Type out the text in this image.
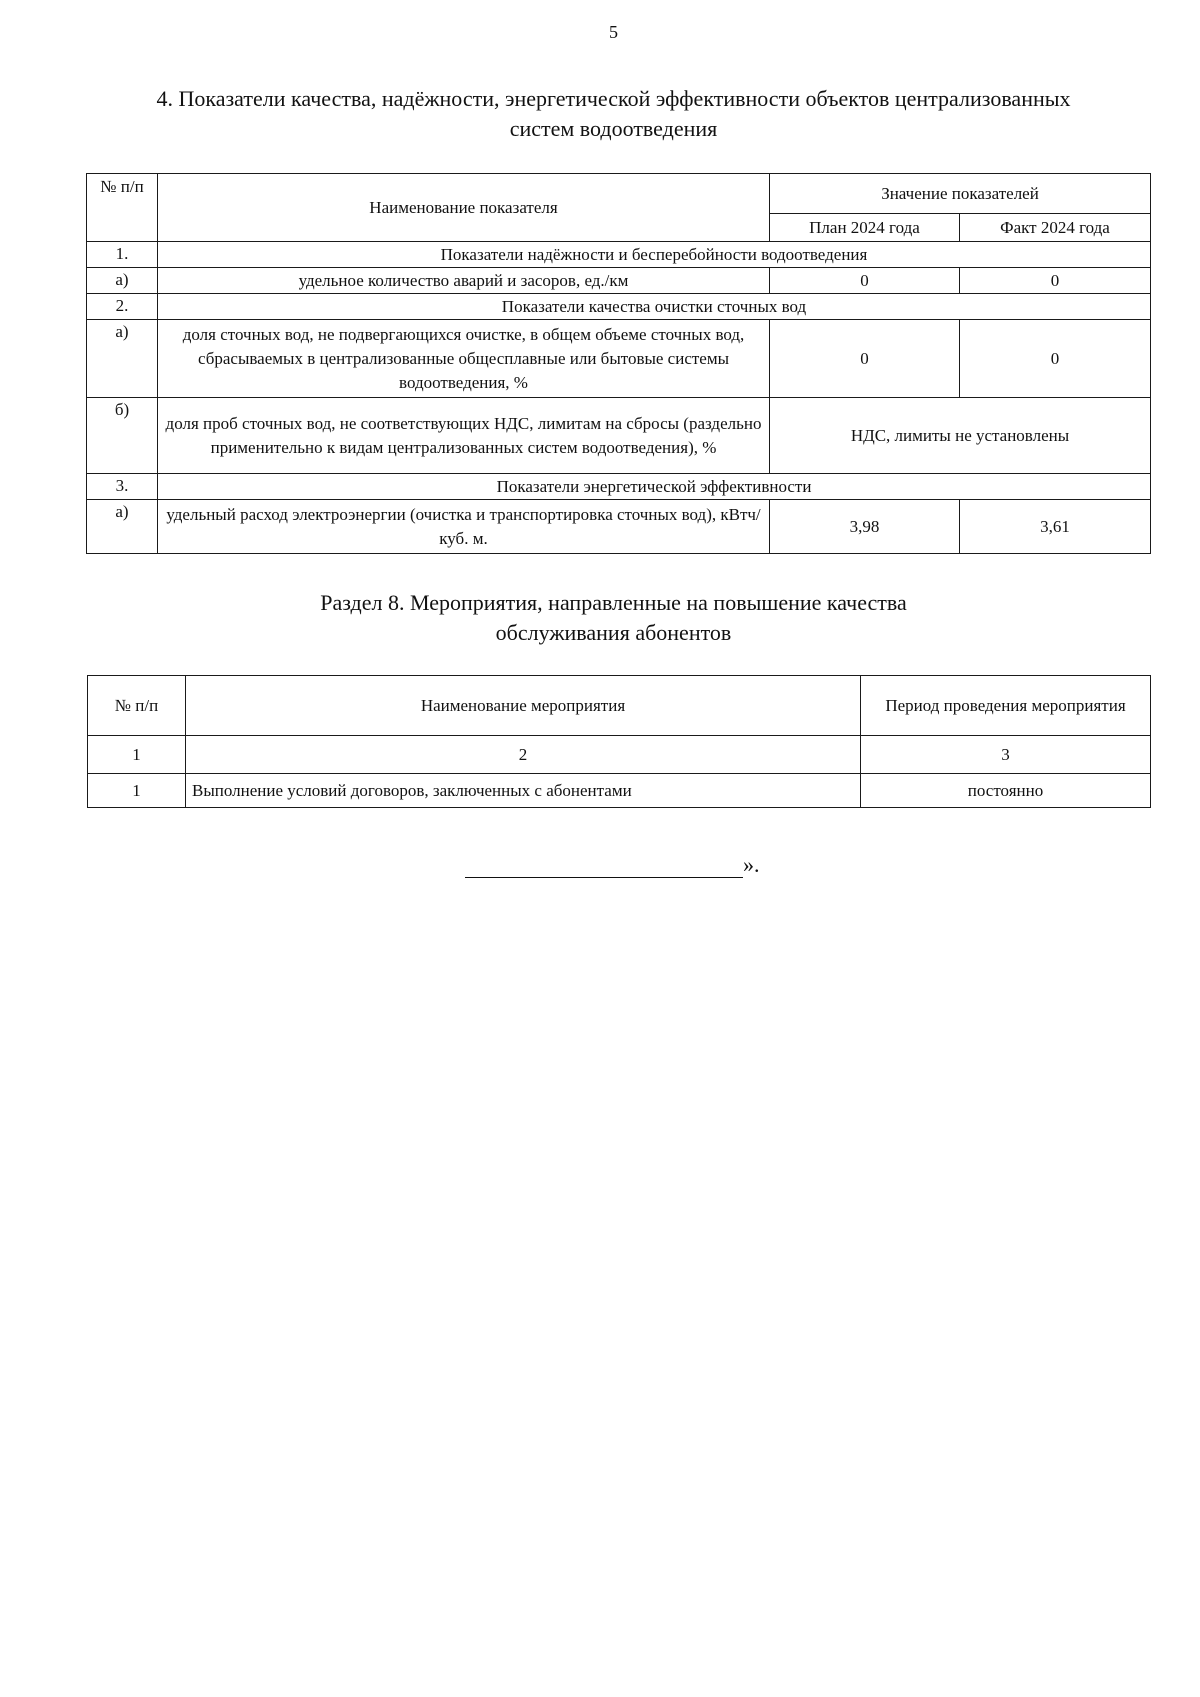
5
4. Показатели качества, надёжности, энергетической эффективности объектов централизованных
систем водоотведения
№ п/п	Наименование показателя	Значение показателей	
		План 2024 года	Факт 2024 года
1.	Показатели надёжности и бесперебойности водоотведения		
а)	удельное количество аварий и засоров, ед./км	0	0
2.	Показатели качества очистки сточных вод		
а)	доля сточных вод, не подвергающихся очистке, в общем объеме сточных вод, сбрасываемых в централизованные общесплавные или бытовые системы водоотведения, %	0	0
б)	доля проб сточных вод, не соответствующих НДС, лимитам на сбросы (раздельно применительно к видам централизованных систем водоотведения), %	НДС, лимиты не установлены	
3.	Показатели энергетической эффективности		
а)	удельный расход электроэнергии (очистка и транспортировка сточных вод), кВтч/куб. м.	3,98	3,61
Раздел 8. Мероприятия, направленные на повышение качества
обслуживания абонентов
№ п/п	Наименование мероприятия	Период проведения мероприятия
1	2	3
1	Выполнение условий договоров, заключенных с абонентами	постоянно
».
